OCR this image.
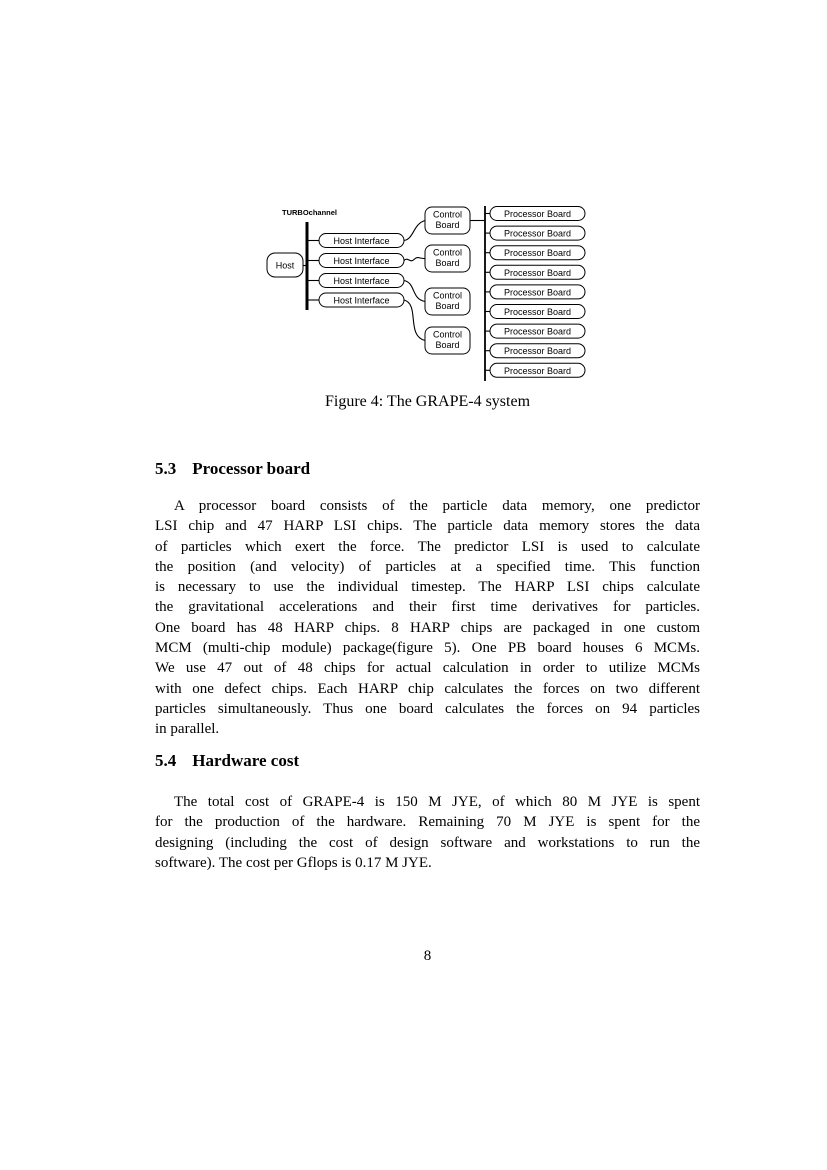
TURBOchannel
Host
Host Interface
Host Interface
Host Interface
Host Interface
Control
Board
Control
Board
Control
Board
Control
Board
Processor Board
Processor Board
Processor Board
Processor Board
Processor Board
Processor Board
Processor Board
Processor Board
Processor Board
Figure 4: The GRAPE-4 system
5.3 Processor board
A processor board consists of the particle data memory, one predictor
LSI chip and 47 HARP LSI chips. The particle data memory stores the data
of particles which exert the force. The predictor LSI is used to calculate
the position (and velocity) of particles at a specified time. This function
is necessary to use the individual timestep. The HARP LSI chips calculate
the gravitational accelerations and their first time derivatives for particles.
One board has 48 HARP chips. 8 HARP chips are packaged in one custom
MCM (multi-chip module) package(figure 5). One PB board houses 6 MCMs.
We use 47 out of 48 chips for actual calculation in order to utilize MCMs
with one defect chips. Each HARP chip calculates the forces on two different
particles simultaneously. Thus one board calculates the forces on 94 particles
in parallel.
5.4 Hardware cost
The total cost of GRAPE-4 is 150 M JYE, of which 80 M JYE is spent
for the production of the hardware. Remaining 70 M JYE is spent for the
designing (including the cost of design software and workstations to run the
software). The cost per Gflops is 0.17 M JYE.
8
